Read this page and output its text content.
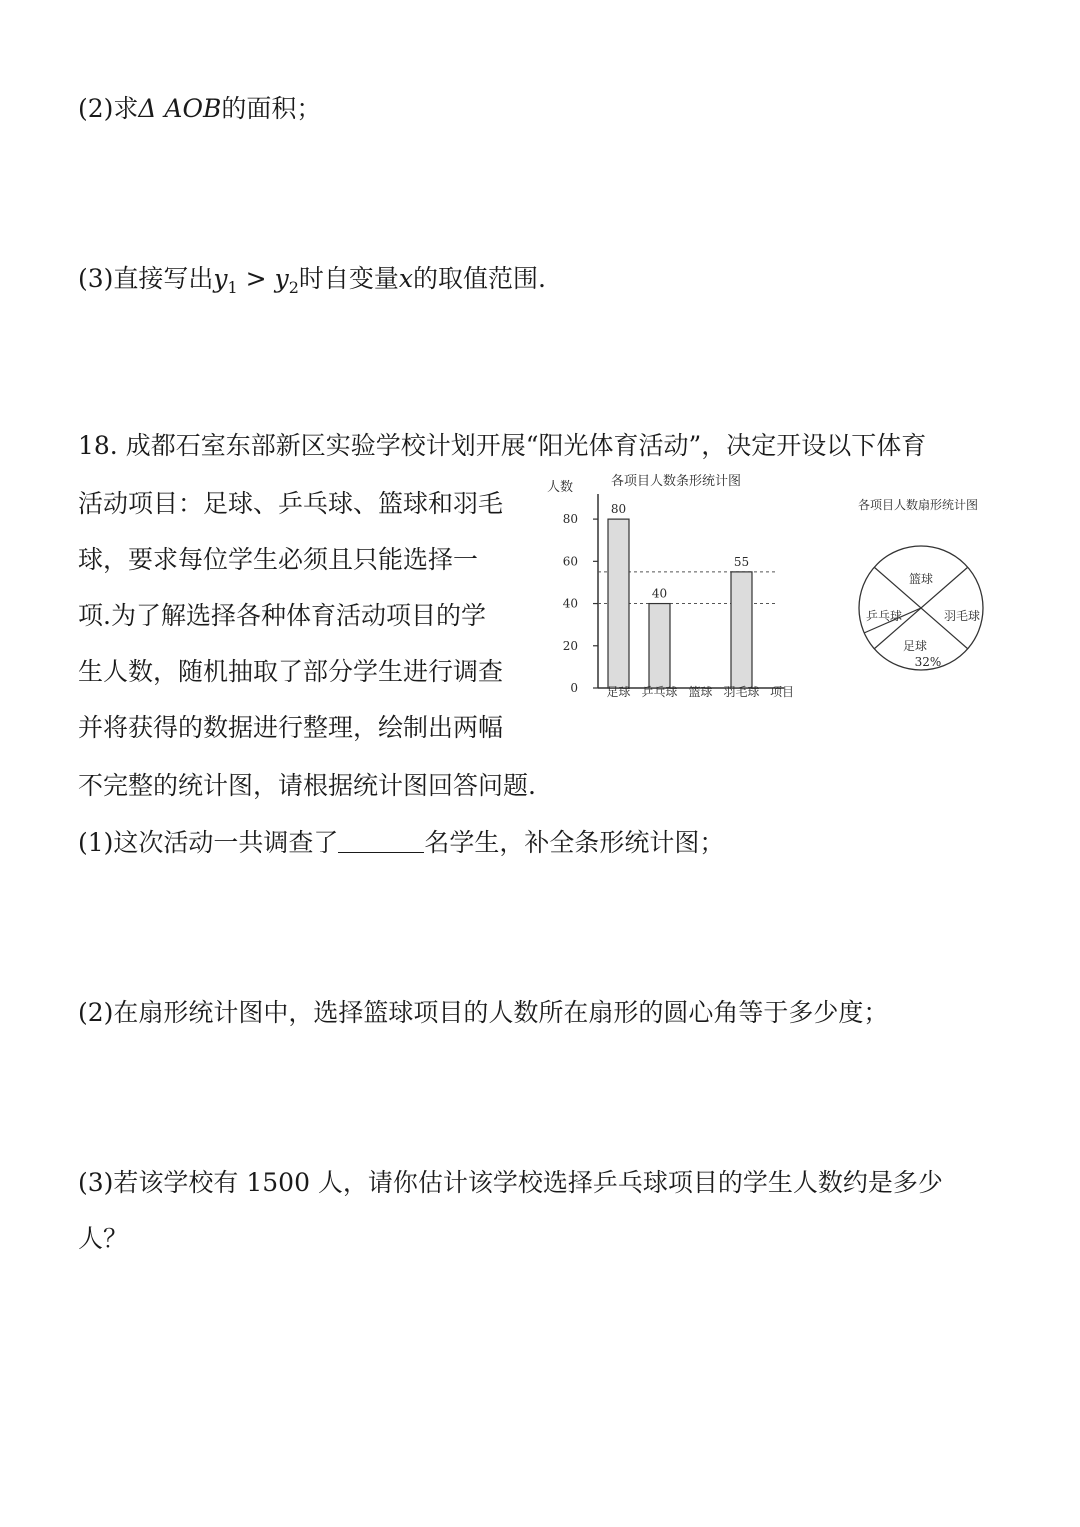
(2)求Δ AOB的面积；
(3)直接写出$y_1 > y_2$时自变量x的取值范围.
18. 成都石室东部新区实验学校计划开展“阳光体育活动”，决定开设以下体育
活动项目：足球、乒乓球、篮球和羽毛
球，要求每位学生必须且只能选择一
项.为了解选择各种体育活动项目的学
生人数，随机抽取了部分学生进行调查
并将获得的数据进行整理，绘制出两幅
不完整的统计图，请根据统计图回答问题.
(1)这次活动一共调查了	名学生，补全条形统计图；
(2)在扇形统计图中，选择篮球项目的人数所在扇形的圆心角等于多少度；
(3)若该学校有 1500 人，请你估计该学校选择乒乓球项目的学生人数约是多少
人？
各项目人数条形统计图
人数
0
20
40
60
80
80
40
55
足球 乒乓球 篮球 羽毛球 项目
各项目人数扇形统计图
篮球
乒乓球	羽毛球
足球
32%
